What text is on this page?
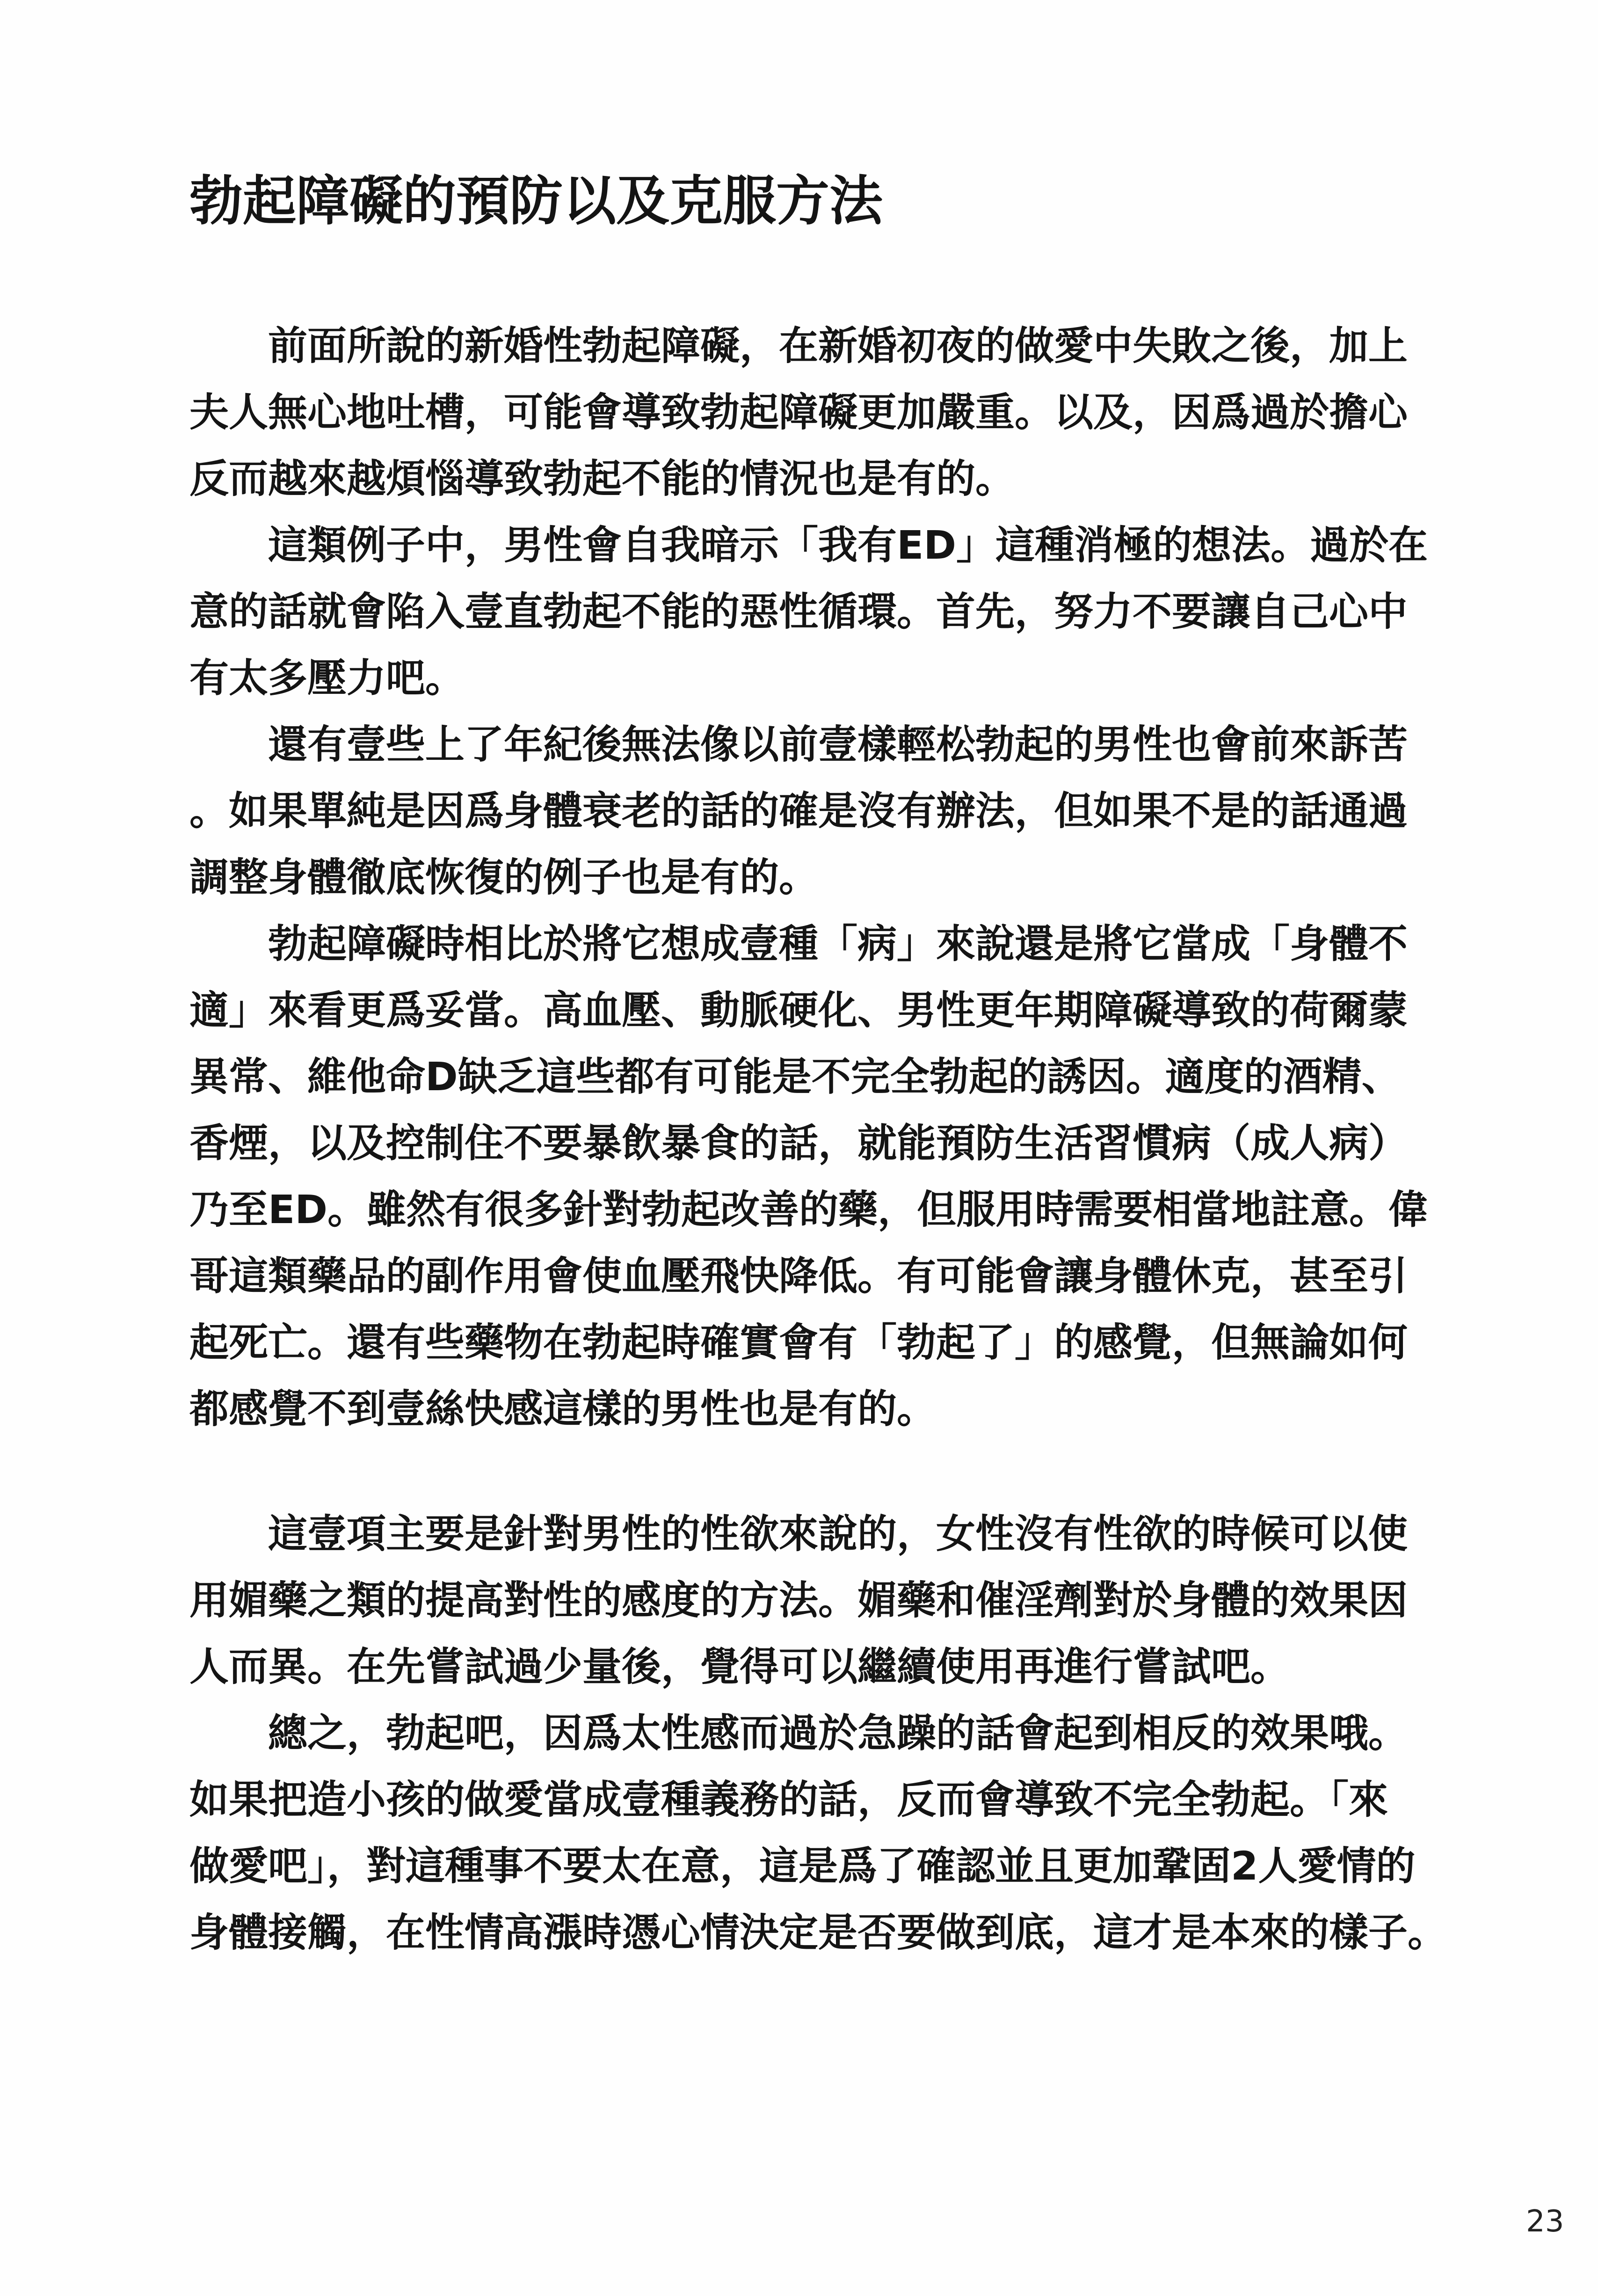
勃起障礙的預防以及克服方法
前面所說的新婚性勃起障礙，在新婚初夜的做愛中失敗之後，加上
夫人無心地吐槽，可能會導致勃起障礙更加嚴重。以及，因爲過於擔心
反而越來越煩惱導致勃起不能的情況也是有的。
這類例子中，男性會自我暗示「我有ED」這種消極的想法。過於在
意的話就會陷入壹直勃起不能的惡性循環。首先，努力不要讓自己心中
有太多壓力吧。
還有壹些上了年紀後無法像以前壹樣輕松勃起的男性也會前來訴苦
。如果單純是因爲身體衰老的話的確是沒有辦法，但如果不是的話通過
調整身體徹底恢復的例子也是有的。
勃起障礙時相比於將它想成壹種「病」來說還是將它當成「身體不
適」來看更爲妥當。高血壓、動脈硬化、男性更年期障礙導致的荷爾蒙
異常、維他命D缺乏這些都有可能是不完全勃起的誘因。適度的酒精、
香煙，以及控制住不要暴飲暴食的話，就能預防生活習慣病（成人病）
乃至ED。雖然有很多針對勃起改善的藥，但服用時需要相當地註意。偉
哥這類藥品的副作用會使血壓飛快降低。有可能會讓身體休克，甚至引
起死亡。還有些藥物在勃起時確實會有「勃起了」的感覺，但無論如何
都感覺不到壹絲快感這樣的男性也是有的。
這壹項主要是針對男性的性欲來說的，女性沒有性欲的時候可以使
用媚藥之類的提高對性的感度的方法。媚藥和催淫劑對於身體的效果因
人而異。在先嘗試過少量後，覺得可以繼續使用再進行嘗試吧。
總之，勃起吧，因爲太性感而過於急躁的話會起到相反的效果哦。
如果把造小孩的做愛當成壹種義務的話，反而會導致不完全勃起。「來
做愛吧」，對這種事不要太在意，這是爲了確認並且更加鞏固2人愛情的
身體接觸，在性情高漲時憑心情決定是否要做到底，這才是本來的樣子。
23
